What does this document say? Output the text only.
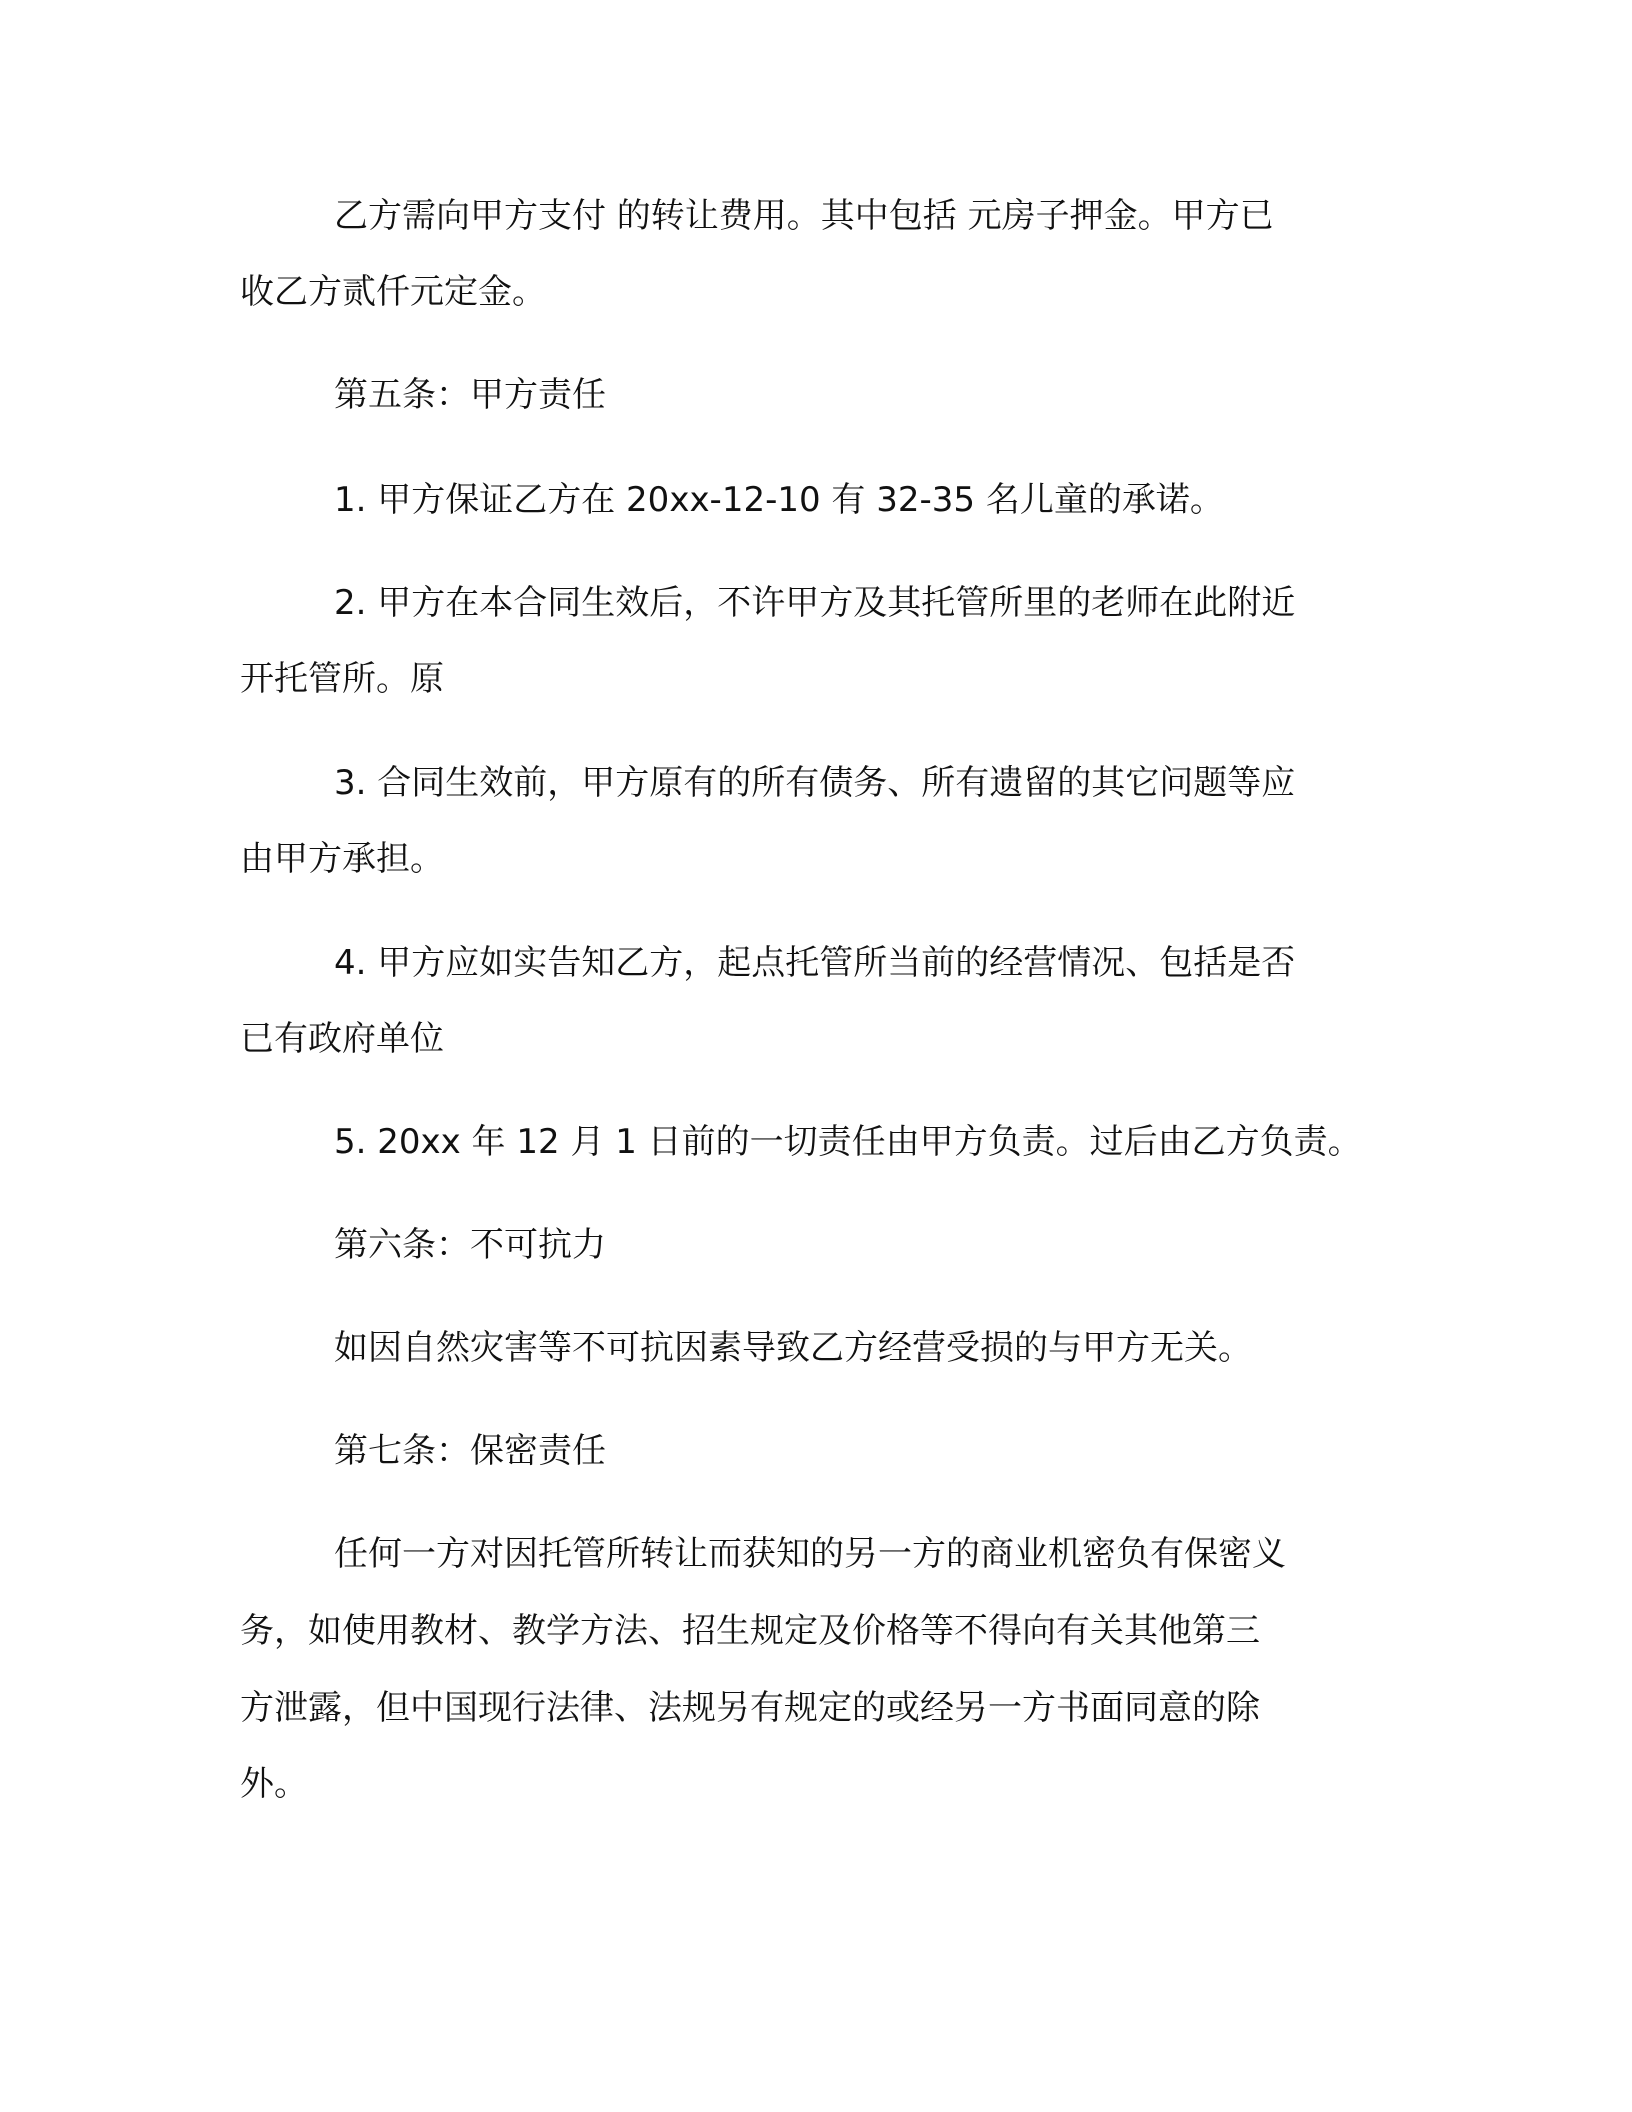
乙方需向甲方支付 的转让费用。其中包括 元房子押金。甲方已

收乙方贰仟元定金。

第五条：甲方责任

1. 甲方保证乙方在 20xx-12-10 有 32-35 名儿童的承诺。

2. 甲方在本合同生效后，不许甲方及其托管所里的老师在此附近

开托管所。原

3. 合同生效前，甲方原有的所有债务、所有遗留的其它问题等应

由甲方承担。

4. 甲方应如实告知乙方，起点托管所当前的经营情况、包括是否

已有政府单位

5. 20xx 年 12 月 1 日前的一切责任由甲方负责。过后由乙方负责。

第六条：不可抗力

如因自然灾害等不可抗因素导致乙方经营受损的与甲方无关。

第七条：保密责任

任何一方对因托管所转让而获知的另一方的商业机密负有保密义

务，如使用教材、教学方法、招生规定及价格等不得向有关其他第三

方泄露，但中国现行法律、法规另有规定的或经另一方书面同意的除

外。
